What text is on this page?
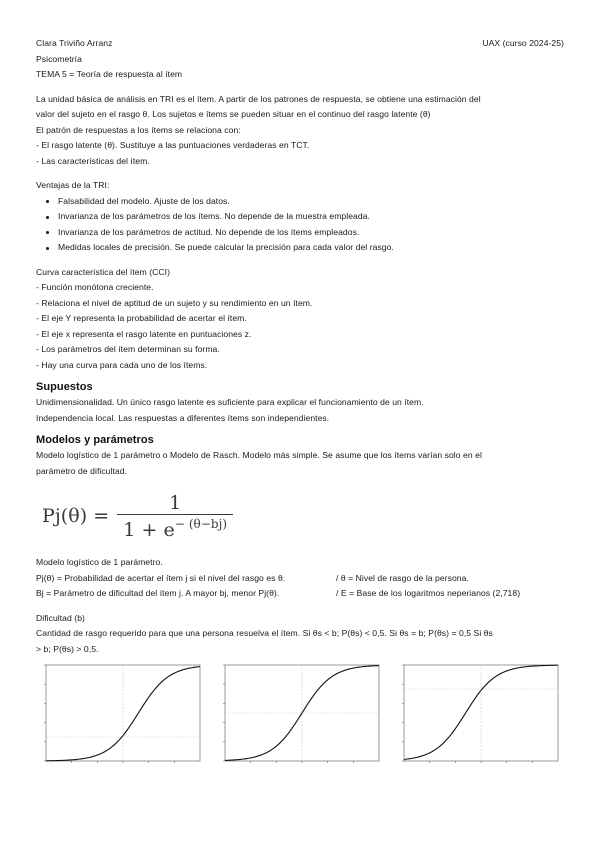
Clara Triviño Arranz	UAX (curso 2024-25)
Psicometría
TEMA 5 = Teoría de respuesta al ítem
La unidad básica de análisis en TRI es el ítem. A partir de los patrones de respuesta, se obtiene una estimación del
valor del sujeto en el rasgo θ. Los sujetos e ítems se pueden situar en el continuo del rasgo latente (θ)
El patrón de respuestas a los ítems se relaciona con:
- El rasgo latente (θ). Sustituye a las puntuaciones verdaderas en TCT.
- Las características del ítem.
Ventajas de la TRI:
Falsabilidad del modelo. Ajuste de los datos.
Invarianza de los parámetros de los ítems. No depende de la muestra empleada.
Invarianza de los parámetros de actitud. No depende de los ítems empleados.
Medidas locales de precisión. Se puede calcular la precisión para cada valor del rasgo.
Curva característica del ítem (CCI)
- Función monótona creciente.
- Relaciona el nivel de aptitud de un sujeto y su rendimiento en un ítem.
- El eje Y representa la probabilidad de acertar el ítem.
- El eje x representa el rasgo latente en puntuaciones z.
- Los parámetros del ítem determinan su forma.
- Hay una curva para cada uno de los ítems.
Supuestos
Unidimensionalidad. Un único rasgo latente es suficiente para explicar el funcionamiento de un ítem.
Independencia local. Las respuestas a diferentes ítems son independientes.
Modelos y parámetros
Modelo logístico de 1 parámetro o Modelo de Rasch. Modelo más simple. Se asume que los ítems varían solo en el
parámetro de dificultad.
$Pj(\theta) = \frac{1}{1 + e^{- (\theta-bj)}}$
Modelo logístico de 1 parámetro.
Pj(θ) = Probabilidad de acertar el ítem j si el nivel del rasgo es θ.	/ θ = Nivel de rasgo de la persona.
Bj = Parámetro de dificultad del ítem j. A mayor bj, menor Pj(θ).	/ E = Base de los logaritmos neperianos (2,718)
Dificultad (b)
Cantidad de rasgo requerido para que una persona resuelva el ítem. Si θs < b; P(θs) < 0,5. Si θs = b; P(θs) = 0,5 Si θs
> b; P(θs) > 0,5.
